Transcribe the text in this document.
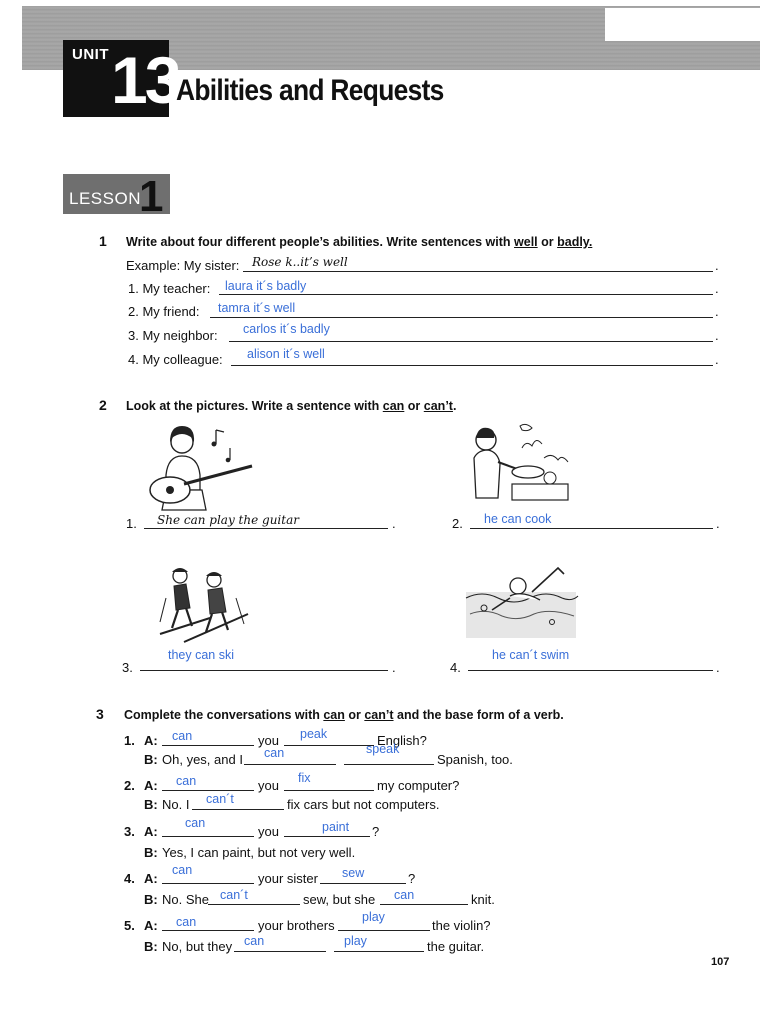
UNIT 13
Abilities and Requests
LESSON
1
1 Write about four different people’s abilities. Write sentences with well or badly.
Example: My sister: Rose k..it’s well	.
1. My teacher: laura it´s badly	.
2. My friend: tamra it´s well	.
3. My neighbor: carlos it´s badly	.
4. My colleague: alison it´s well	.
2 Look at the pictures. Write a sentence with can or can’t.
1. She can play the guitar	.	2. he can cook	.
3.
they can ski
.	4.
he can´t swim
.
3 Complete the conversations with can or can’t and the base form of a verb.
1. A: can	you peak	English?
B: Oh, yes, and I can	speak
Spanish, too.
2. A: can	you fix	my computer?
B: No. I can´t	fix cars but not computers.
3. A:
can
you	paint ?
B: Yes, I can paint, but not very well.
4. A:
can
your sister sew	?
B: No. She can´t	sew, but she can	knit.
5. A: can	your brothers
play
the violin?
B: No, but they can	play	the guitar.
107
